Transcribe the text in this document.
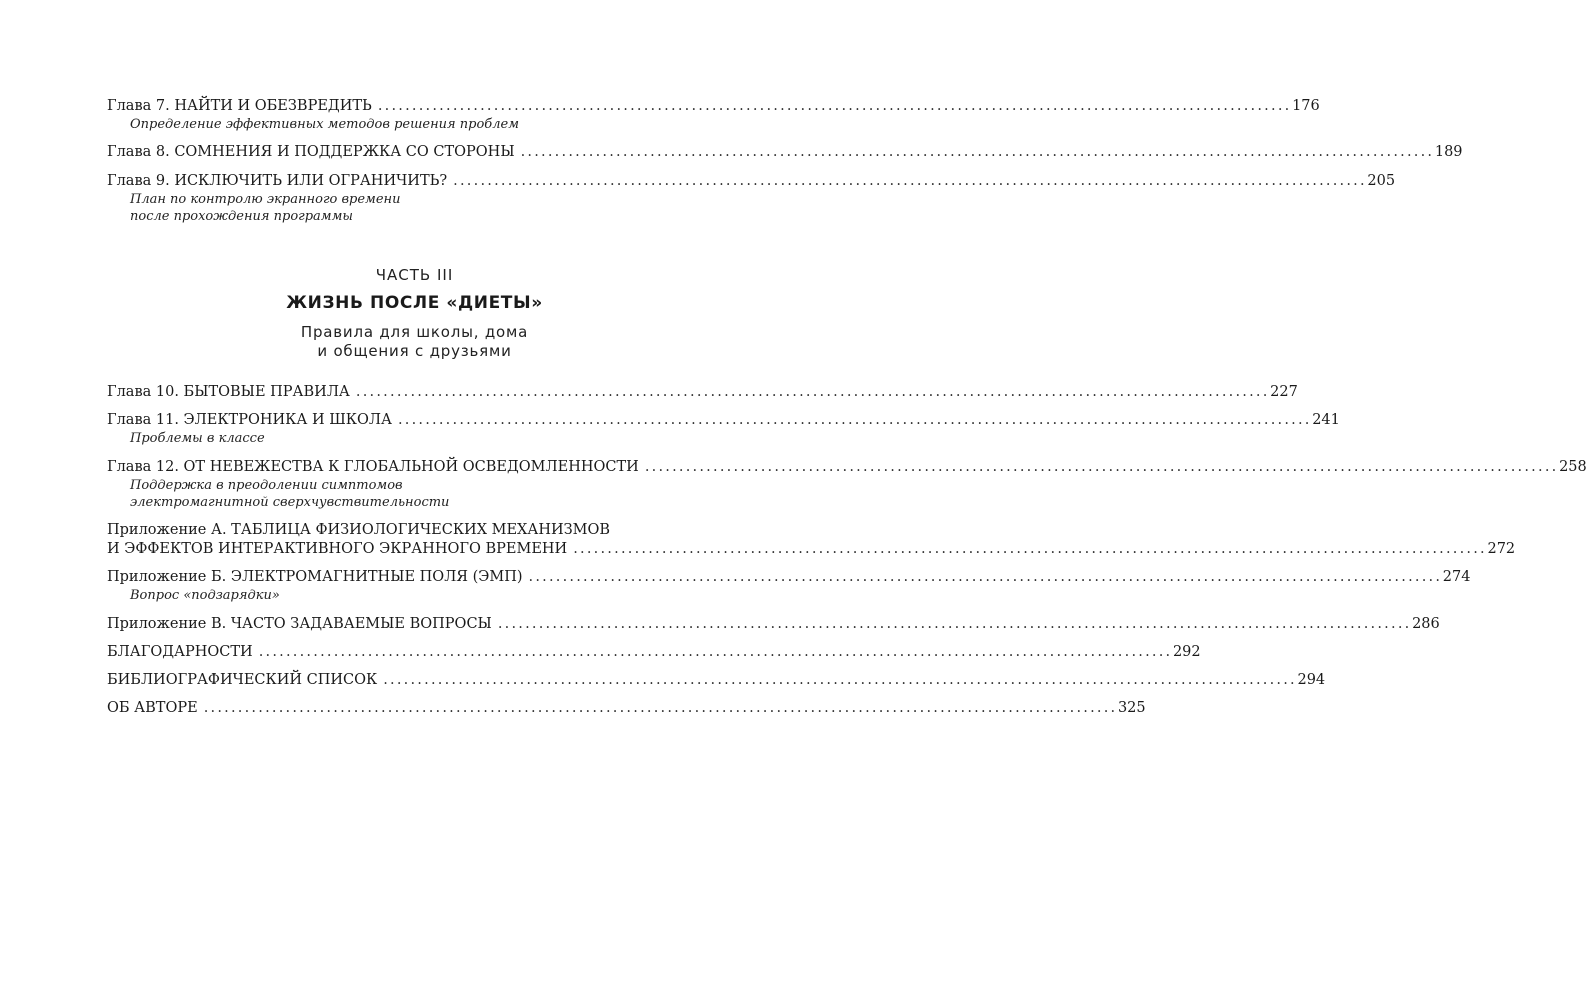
Глава 7. НАЙТИ И ОБЕЗВРЕДИТЬ . . .	176
Определение эффективных методов решения проблем
Глава 8. СОМНЕНИЯ И ПОДДЕРЖКА СО СТОРОНЫ . . .	189
Глава 9. ИСКЛЮЧИТЬ ИЛИ ОГРАНИЧИТЬ? . . .	205
План по контролю экранного времени
после прохождения программы
ЧАСТЬ III
ЖИЗНЬ ПОСЛЕ «ДИЕТЫ»
Правила для школы, дома
и общения с друзьями
Глава 10. БЫТОВЫЕ ПРАВИЛА . . .	227
Глава 11. ЭЛЕКТРОНИКА И ШКОЛА . . .	241
Проблемы в классе
Глава 12. ОТ НЕВЕЖЕСТВА К ГЛОБАЛЬНОЙ ОСВЕДОМЛЕННОСТИ . . .	258
Поддержка в преодолении симптомов
электромагнитной сверхчувствительности
Приложение А. ТАБЛИЦА ФИЗИОЛОГИЧЕСКИХ МЕХАНИЗМОВ
И ЭФФЕКТОВ ИНТЕРАКТИВНОГО ЭКРАННОГО ВРЕМЕНИ . . .	272
Приложение Б. ЭЛЕКТРОМАГНИТНЫЕ ПОЛЯ (ЭМП) . . .	274
Вопрос «подзарядки»
Приложение В. ЧАСТО ЗАДАВАЕМЫЕ ВОПРОСЫ . . .	286
БЛАГОДАРНОСТИ . . .	292
БИБЛИОГРАФИЧЕСКИЙ СПИСОК . . .	294
ОБ АВТОРЕ . . .	325
